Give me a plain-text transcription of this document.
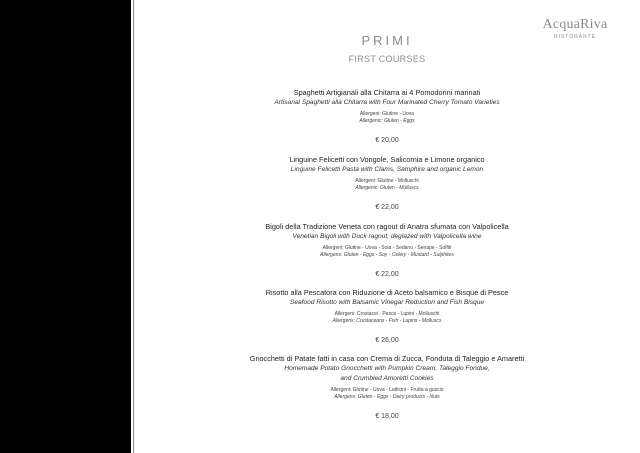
AcquaRiva
RISTORANTE
PRIMI
FIRST COURSES
Spaghetti Artigianali alla Chitarra ai 4 Pomodorini marinati
Artisanal Spaghetti alla Chitarra with Four Marinated Cherry Tomato Varieties
Allergeni: Glutine - Uova
Allergenic: Gluten - Eggs
€ 20,00
Linguine Felicetti con Vongole, Salicornia e Limone organico
Linguine Felicetti Pasta with Clams, Samphire and organic Lemon
Allergeni: Glutine - Molluschi
Allergenic: Gluten - Molluscs
€ 22,00
Bigoli della Tradizione Veneta con ragout di Anatra sfumata con Valpolicella
Venetian Bigoli with Duck ragout, deglazed with Valpolicella wine
Allergeni: Glutine - Uova - Soia - Sedano - Senape - Solfiti
Allergens: Gluten - Eggs - Soy - Celery - Mustard - Sulphites
€ 22,00
Risotto alla Pescatora con Riduzione di Aceto balsamico e Bisque di Pesce
Seafood Risotto with Balsamic Vinegar Reduction and Fish Bisque
Allergeni: Crostacei - Pesce - Lupini - Molluschi
Allergens: Crustaceans - Fish - Lupins - Molluscs
€ 26,00
Gnocchetti di Patate fatti in casa con Crema di Zucca, Fonduta di Taleggio e Amaretti
Homemade Potato Gnocchetti with Pumpkin Cream, Taleggio Fondue,
and Crumbled Amoretti Cookies
Allergeni: Glutine - Uova - Latticini - Frutta a guscio
Allergens: Gluten - Eggs - Dairy products - Nuts
€ 18,00
